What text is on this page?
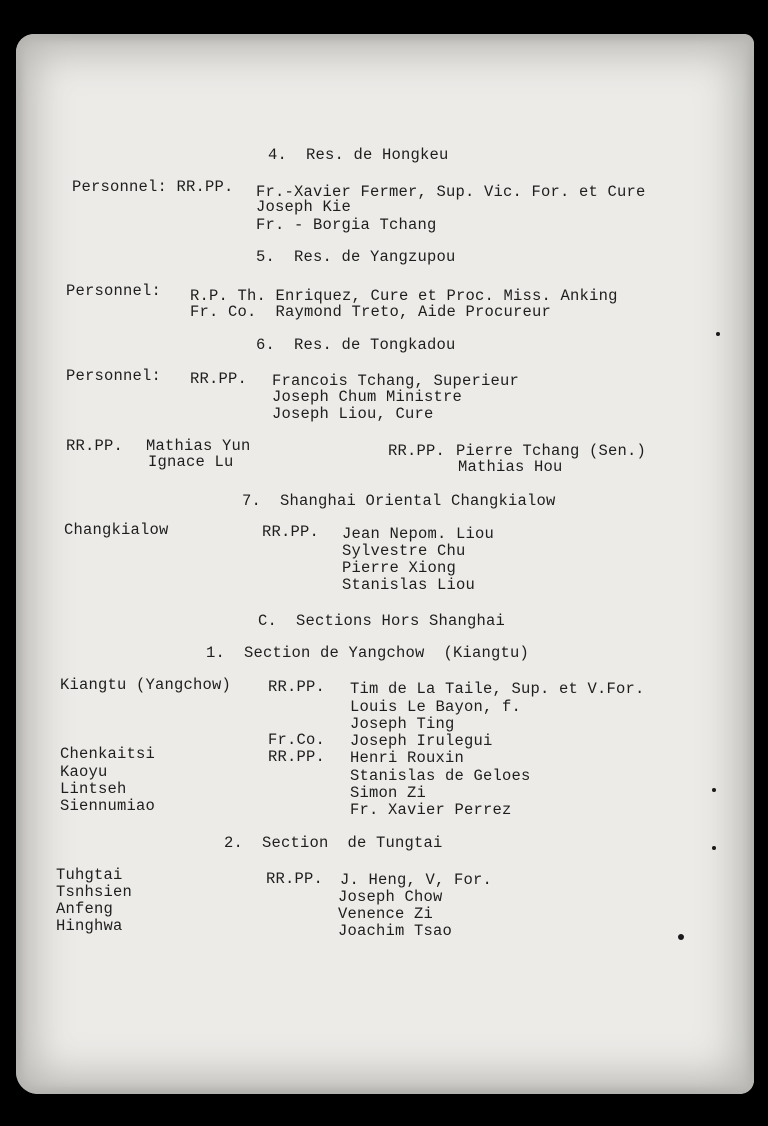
4.  Res. de Hongkeu
Personnel: RR.PP. Fr.-Xavier Fermer, Sup. Vic. For. et Cure
Joseph Kie
Fr. - Borgia Tchang
5.  Res. de Yangzupou
Personnel: R.P. Th. Enriquez, Cure et Proc. Miss. Anking
Fr. Co.  Raymond Treto, Aide Procureur
6.  Res. de Tongkadou
Personnel: RR.PP. Francois Tchang, Superieur
Joseph Chum Ministre
Joseph Liou, Cure
RR.PP. Mathias Yun
Ignace Lu
RR.PP. Pierre Tchang (Sen.)
Mathias Hou
7.  Shanghai Oriental Changkialow
Changkialow	RR.PP. Jean Nepom. Liou
Sylvestre Chu
Pierre Xiong
Stanislas Liou
C.  Sections Hors Shanghai
1.  Section de Yangchow  (Kiangtu)
Kiangtu (Yangchow) RR.PP. Tim de La Taile, Sup. et V.For.
Louis Le Bayon, f.
Joseph Ting
Fr.Co. Joseph Irulegui
RR.PP. Henri Rouxin
Stanislas de Geloes
Simon Zi
Fr. Xavier Perrez
Chenkaitsi
Kaoyu
Lintseh
Siennumiao
2.  Section  de Tungtai
Tuhgtai
Tsnhsien
Anfeng
Hinghwa
RR.PP. J. Heng, V, For.
Joseph Chow
Venence Zi
Joachim Tsao
